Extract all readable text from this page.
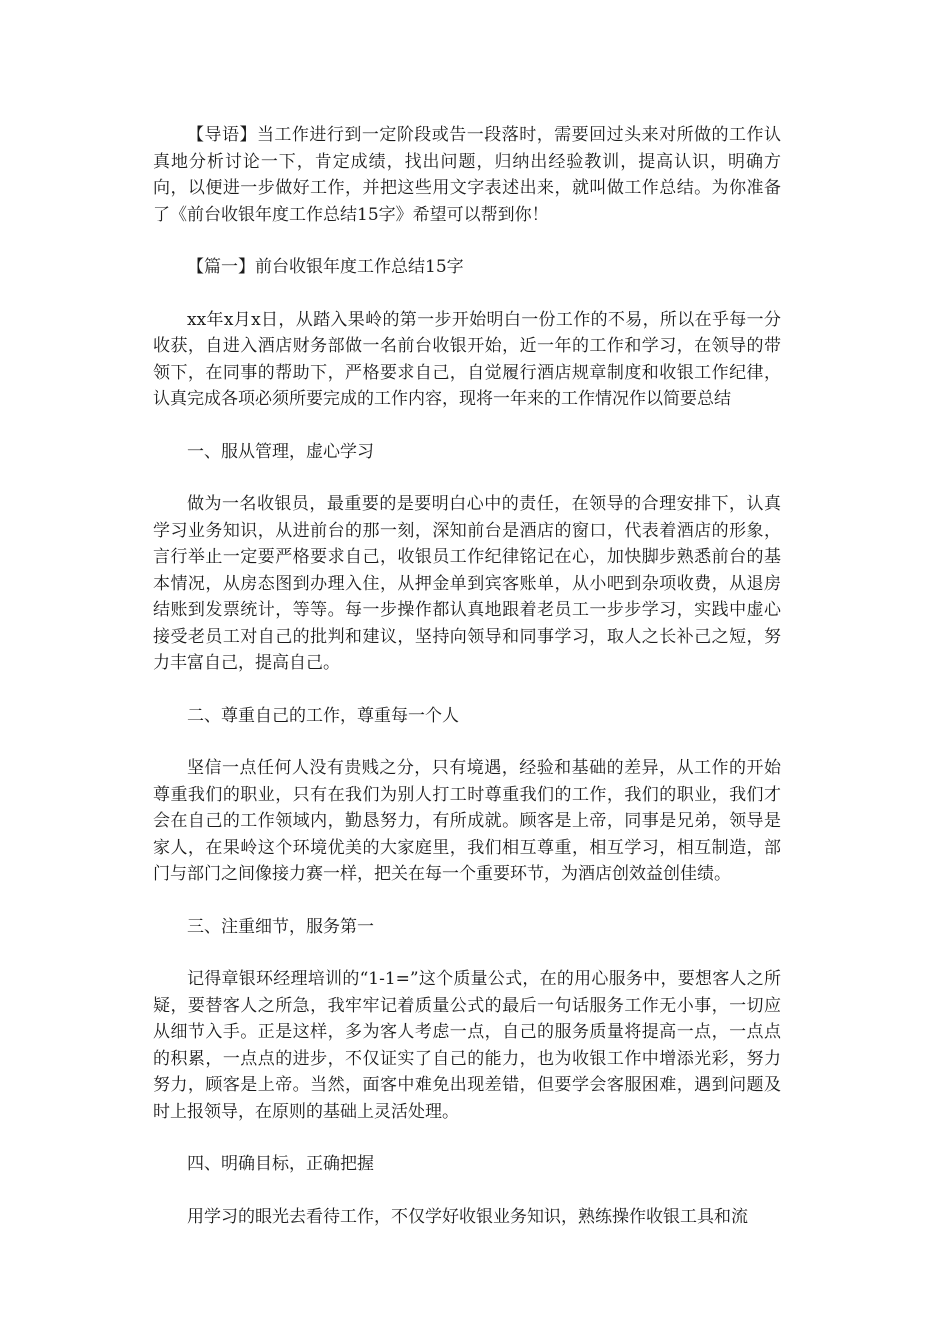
【导语】当工作进行到一定阶段或告一段落时，需要回过头来对所做的工作认真地分析讨论一下，肯定成绩，找出问题，归纳出经验教训，提高认识，明确方向，以便进一步做好工作，并把这些用文字表述出来，就叫做工作总结。为你准备了《前台收银年度工作总结15字》希望可以帮到你！

【篇一】前台收银年度工作总结15字

xx年x月x日，从踏入果岭的第一步开始明白一份工作的不易，所以在乎每一分收获，自进入酒店财务部做一名前台收银开始，近一年的工作和学习，在领导的带领下，在同事的帮助下，严格要求自己，自觉履行酒店规章制度和收银工作纪律，认真完成各项必须所要完成的工作内容，现将一年来的工作情况作以简要总结

一、服从管理，虚心学习

做为一名收银员，最重要的是要明白心中的责任，在领导的合理安排下，认真学习业务知识，从进前台的那一刻，深知前台是酒店的窗口，代表着酒店的形象，言行举止一定要严格要求自己，收银员工作纪律铭记在心，加快脚步熟悉前台的基本情况，从房态图到办理入住，从押金单到宾客账单，从小吧到杂项收费，从退房结账到发票统计，等等。每一步操作都认真地跟着老员工一步步学习，实践中虚心接受老员工对自己的批判和建议，坚持向领导和同事学习，取人之长补己之短，努力丰富自己，提高自己。

二、尊重自己的工作，尊重每一个人

坚信一点任何人没有贵贱之分，只有境遇，经验和基础的差异，从工作的开始尊重我们的职业，只有在我们为别人打工时尊重我们的工作，我们的职业，我们才会在自己的工作领域内，勤恳努力，有所成就。顾客是上帝，同事是兄弟，领导是家人，在果岭这个环境优美的大家庭里，我们相互尊重，相互学习，相互制造，部门与部门之间像接力赛一样，把关在每一个重要环节，为酒店创效益创佳绩。

三、注重细节，服务第一

记得章银环经理培训的“1-1=”这个质量公式，在的用心服务中，要想客人之所疑，要替客人之所急，我牢牢记着质量公式的最后一句话服务工作无小事，一切应从细节入手。正是这样，多为客人考虑一点，自己的服务质量将提高一点，一点点的积累，一点点的进步，不仅证实了自己的能力，也为收银工作中增添光彩，努力努力，顾客是上帝。当然，面客中难免出现差错，但要学会客服困难，遇到问题及时上报领导，在原则的基础上灵活处理。

四、明确目标，正确把握

用学习的眼光去看待工作，不仅学好收银业务知识，熟练操作收银工具和流
